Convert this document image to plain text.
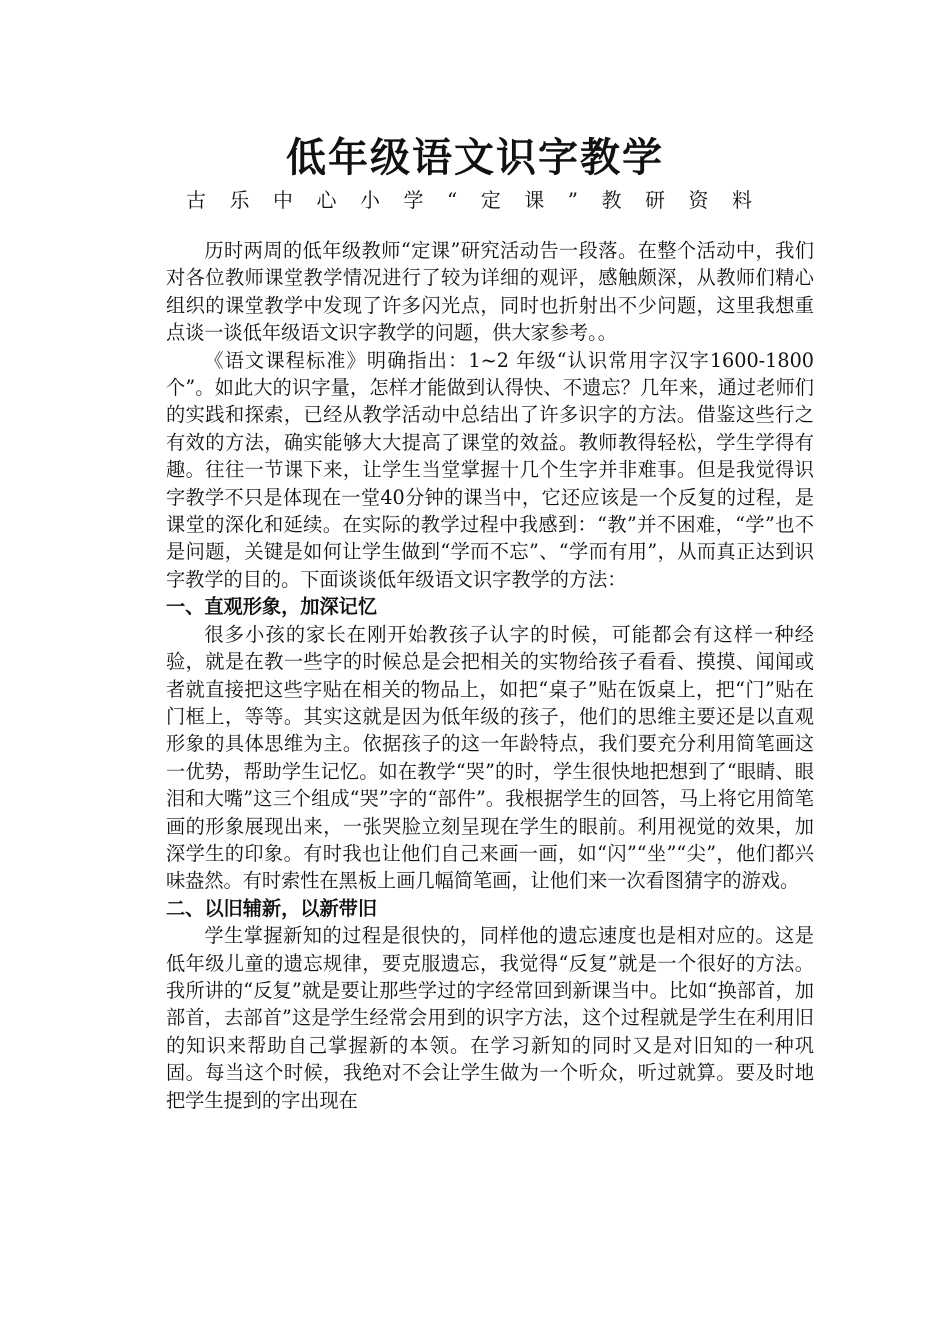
低年级语文识字教学
古乐中心小学“定课”教研资料

历时两周的低年级教师“定课”研究活动告一段落。在整个活动中，我们对各位教师课堂教学情况进行了较为详细的观评，感触颇深，从教师们精心组织的课堂教学中发现了许多闪光点，同时也折射出不少问题，这里我想重点谈一谈低年级语文识字教学的问题，供大家参考。。

《语文课程标准》明确指出：1~2 年级“认识常用字汉字1600-1800个”。如此大的识字量，怎样才能做到认得快、不遗忘？几年来，通过老师们的实践和探索，已经从教学活动中总结出了许多识字的方法。借鉴这些行之有效的方法，确实能够大大提高了课堂的效益。教师教得轻松，学生学得有趣。往往一节课下来，让学生当堂掌握十几个生字并非难事。但是我觉得识字教学不只是体现在一堂40分钟的课当中，它还应该是一个反复的过程，是课堂的深化和延续。在实际的教学过程中我感到：“教”并不困难，“学”也不是问题，关键是如何让学生做到“学而不忘”、“学而有用”，从而真正达到识字教学的目的。下面谈谈低年级语文识字教学的方法：

一、直观形象，加深记忆

很多小孩的家长在刚开始教孩子认字的时候，可能都会有这样一种经验，就是在教一些字的时候总是会把相关的实物给孩子看看、摸摸、闻闻或者就直接把这些字贴在相关的物品上，如把“桌子”贴在饭桌上，把“门”贴在门框上，等等。其实这就是因为低年级的孩子，他们的思维主要还是以直观形象的具体思维为主。依据孩子的这一年龄特点，我们要充分利用简笔画这一优势，帮助学生记忆。如在教学“哭”的时，学生很快地把想到了“眼睛、眼泪和大嘴”这三个组成“哭”字的“部件”。我根据学生的回答，马上将它用简笔画的形象展现出来，一张哭脸立刻呈现在学生的眼前。利用视觉的效果，加深学生的印象。有时我也让他们自己来画一画，如“闪”“坐”“尖”，他们都兴味盎然。有时索性在黑板上画几幅简笔画，让他们来一次看图猜字的游戏。

二、以旧辅新，以新带旧

学生掌握新知的过程是很快的，同样他的遗忘速度也是相对应的。这是低年级儿童的遗忘规律，要克服遗忘，我觉得“反复”就是一个很好的方法。我所讲的“反复”就是要让那些学过的字经常回到新课当中。比如“换部首，加部首，去部首”这是学生经常会用到的识字方法，这个过程就是学生在利用旧的知识来帮助自己掌握新的本领。在学习新知的同时又是对旧知的一种巩固。每当这个时候，我绝对不会让学生做为一个听众，听过就算。要及时地把学生提到的字出现在
